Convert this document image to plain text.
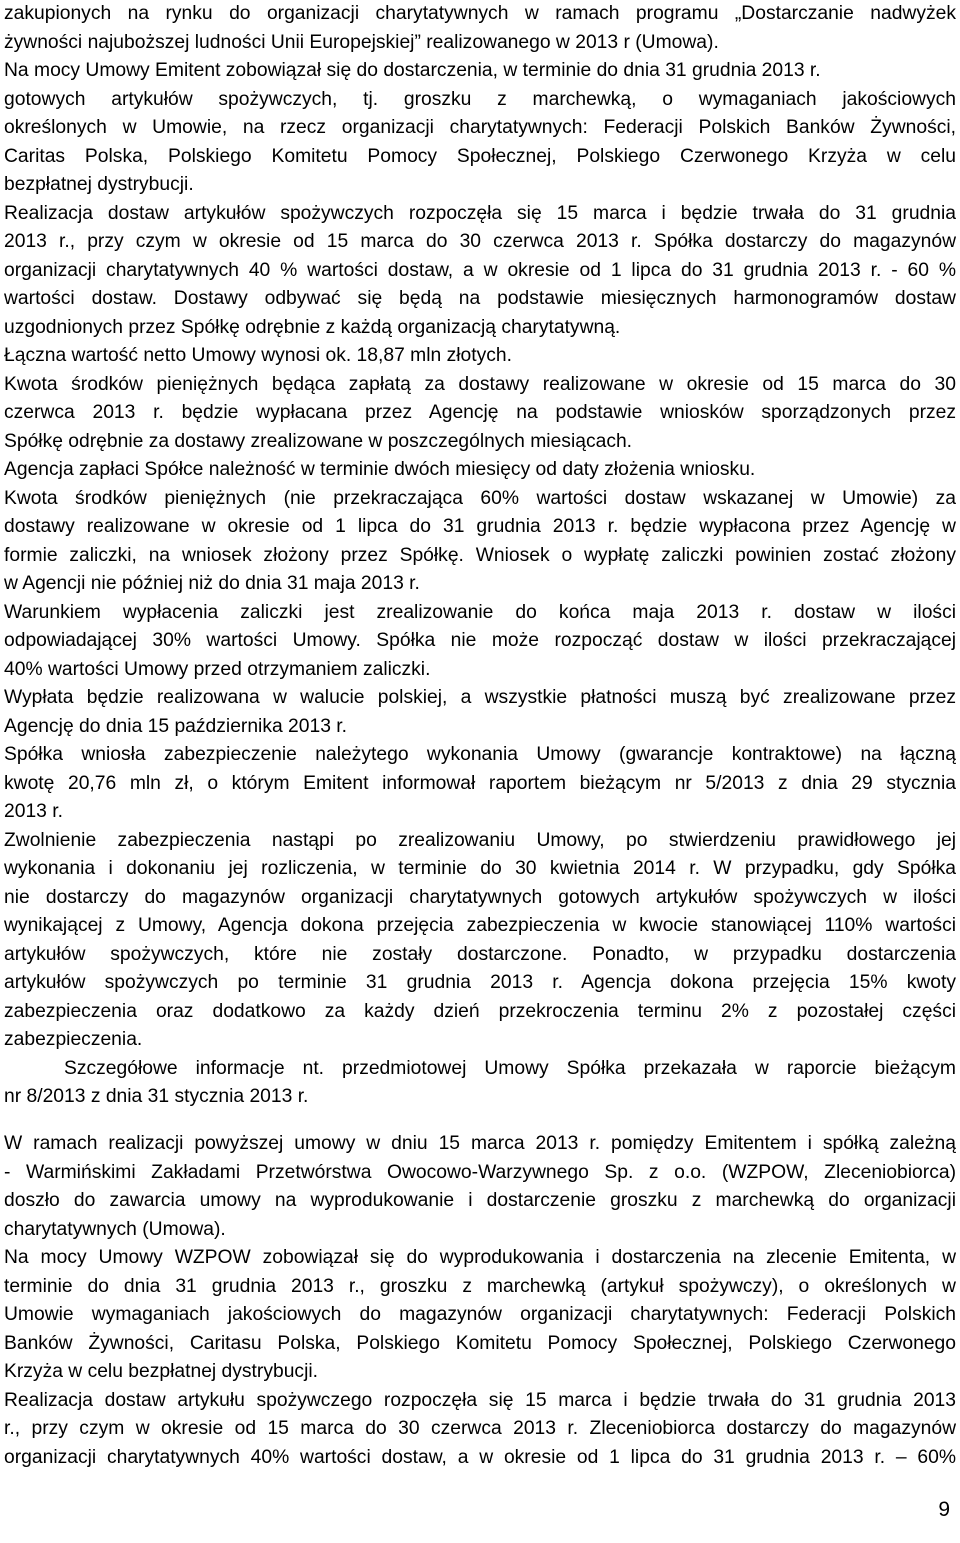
zakupionych na rynku do organizacji charytatywnych w ramach programu „Dostarczanie nadwyżek
żywności najuboższej ludności Unii Europejskiej” realizowanego w 2013 r (Umowa).
Na mocy Umowy Emitent zobowiązał się do dostarczenia, w terminie do dnia 31 grudnia 2013 r.
gotowych artykułów spożywczych, tj. groszku z marchewką, o wymaganiach jakościowych
określonych w Umowie, na rzecz organizacji charytatywnych: Federacji Polskich Banków Żywności,
Caritas Polska, Polskiego Komitetu Pomocy Społecznej, Polskiego Czerwonego Krzyża w celu
bezpłatnej dystrybucji.
Realizacja dostaw artykułów spożywczych rozpoczęła się 15 marca i będzie trwała do 31 grudnia
2013 r., przy czym w okresie od 15 marca do 30 czerwca 2013 r. Spółka dostarczy do magazynów
organizacji charytatywnych 40 % wartości dostaw, a w okresie od 1 lipca do 31 grudnia 2013 r. - 60 %
wartości dostaw. Dostawy odbywać się będą na podstawie miesięcznych harmonogramów dostaw
uzgodnionych przez Spółkę odrębnie z każdą organizacją charytatywną.
Łączna wartość netto Umowy wynosi ok. 18,87 mln złotych.
Kwota środków pieniężnych będąca zapłatą za dostawy realizowane w okresie od 15 marca do 30
czerwca 2013 r. będzie wypłacana przez Agencję na podstawie wniosków sporządzonych przez
Spółkę odrębnie za dostawy zrealizowane w poszczególnych miesiącach.
Agencja zapłaci Spółce należność w terminie dwóch miesięcy od daty złożenia wniosku.
Kwota środków pieniężnych (nie przekraczająca 60% wartości dostaw wskazanej w Umowie) za
dostawy realizowane w okresie od 1 lipca do 31 grudnia 2013 r. będzie wypłacona przez Agencję w
formie zaliczki, na wniosek złożony przez Spółkę. Wniosek o wypłatę zaliczki powinien zostać złożony
w Agencji nie później niż do dnia 31 maja 2013 r.
Warunkiem wypłacenia zaliczki jest zrealizowanie do końca maja 2013 r. dostaw w ilości
odpowiadającej 30% wartości Umowy. Spółka nie może rozpocząć dostaw w ilości przekraczającej
40% wartości Umowy przed otrzymaniem zaliczki.
Wypłata będzie realizowana w walucie polskiej, a wszystkie płatności muszą być zrealizowane przez
Agencję do dnia 15 października 2013 r.
Spółka wniosła zabezpieczenie należytego wykonania Umowy (gwarancje kontraktowe) na łączną
kwotę 20,76 mln zł, o którym Emitent informował raportem bieżącym nr 5/2013 z dnia 29 stycznia
2013 r.
Zwolnienie zabezpieczenia nastąpi po zrealizowaniu Umowy, po stwierdzeniu prawidłowego jej
wykonania i dokonaniu jej rozliczenia, w terminie do 30 kwietnia 2014 r. W przypadku, gdy Spółka
nie dostarczy do magazynów organizacji charytatywnych gotowych artykułów spożywczych w ilości
wynikającej z Umowy, Agencja dokona przejęcia zabezpieczenia w kwocie stanowiącej 110% wartości
artykułów spożywczych, które nie zostały dostarczone. Ponadto, w przypadku dostarczenia
artykułów spożywczych po terminie 31 grudnia 2013 r. Agencja dokona przejęcia 15% kwoty
zabezpieczenia oraz dodatkowo za każdy dzień przekroczenia terminu 2% z pozostałej części
zabezpieczenia.
Szczegółowe informacje nt. przedmiotowej Umowy Spółka przekazała w raporcie bieżącym
nr 8/2013 z dnia 31 stycznia 2013 r.
W ramach realizacji powyższej umowy w dniu 15 marca 2013 r. pomiędzy Emitentem i spółką zależną
- Warmińskimi Zakładami Przetwórstwa Owocowo-Warzywnego Sp. z o.o. (WZPOW, Zleceniobiorca)
doszło do zawarcia umowy na wyprodukowanie i dostarczenie groszku z marchewką do organizacji
charytatywnych (Umowa).
Na mocy Umowy WZPOW zobowiązał się do wyprodukowania i dostarczenia na zlecenie Emitenta, w
terminie do dnia 31 grudnia 2013 r., groszku z marchewką (artykuł spożywczy), o określonych w
Umowie wymaganiach jakościowych do magazynów organizacji charytatywnych: Federacji Polskich
Banków Żywności, Caritasu Polska, Polskiego Komitetu Pomocy Społecznej, Polskiego Czerwonego
Krzyża w celu bezpłatnej dystrybucji.
Realizacja dostaw artykułu spożywczego rozpoczęła się 15 marca i będzie trwała do 31 grudnia 2013
r., przy czym w okresie od 15 marca do 30 czerwca 2013 r. Zleceniobiorca dostarczy do magazynów
organizacji charytatywnych 40% wartości dostaw, a w okresie od 1 lipca do 31 grudnia 2013 r. – 60%
9
